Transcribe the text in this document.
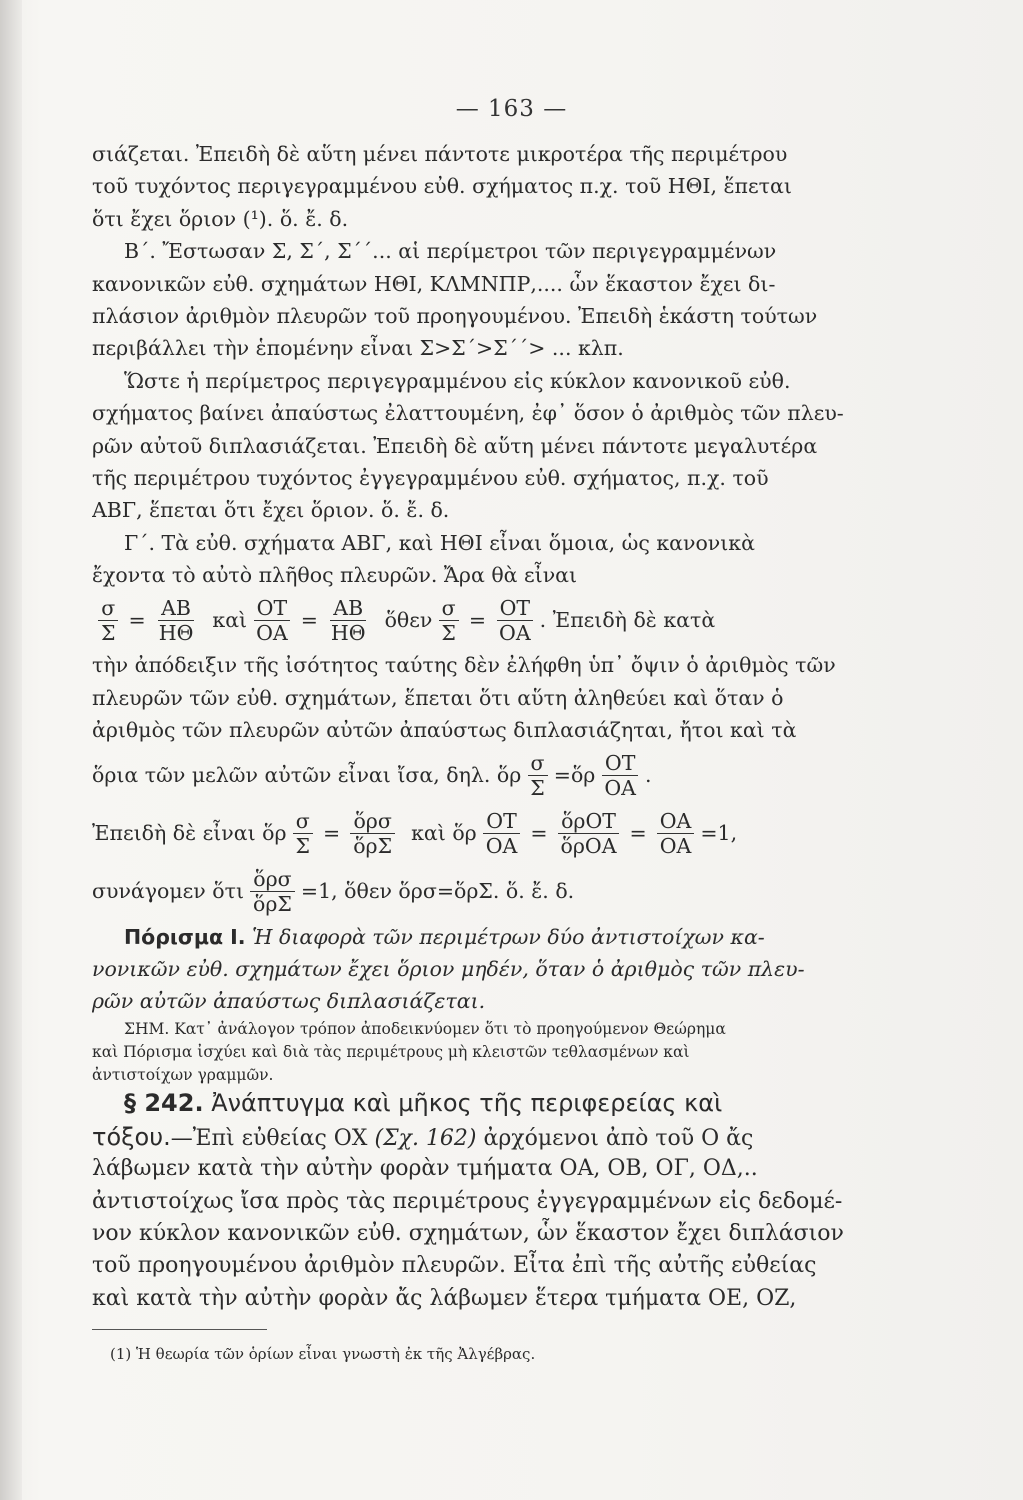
— 163 —
σιάζεται. Ἐπειδὴ δὲ αὕτη μένει πάντοτε μικροτέρα τῆς περιμέτρου
τοῦ τυχόντος περιγεγραμμένου εὐθ. σχήματος π.χ. τοῦ ΗΘΙ, ἕπεται
ὅτι ἔχει ὅριον (¹). ὅ. ἔ. δ.
Β΄. Ἔστωσαν Σ, Σ΄, Σ΄΄... αἱ περίμετροι τῶν περιγεγραμμένων
κανονικῶν εὐθ. σχημάτων ΗΘΙ, ΚΛΜΝΠΡ,.... ὧν ἕκαστον ἔχει δι-
πλάσιον ἀριθμὸν πλευρῶν τοῦ προηγουμένου. Ἐπειδὴ ἑκάστη τούτων
περιβάλλει τὴν ἑπομένην εἶναι Σ>Σ΄>Σ΄΄> ... κλπ.
Ὥστε ἡ περίμετρος περιγεγραμμένου εἰς κύκλον κανονικοῦ εὐθ.
σχήματος βαίνει ἀπαύστως ἐλαττουμένη, ἐφ᾽ ὅσον ὁ ἀριθμὸς τῶν πλευ-
ρῶν αὐτοῦ διπλασιάζεται. Ἐπειδὴ δὲ αὕτη μένει πάντοτε μεγαλυτέρα
τῆς περιμέτρου τυχόντος ἐγγεγραμμένου εὐθ. σχήματος, π.χ. τοῦ
ΑΒΓ, ἕπεται ὅτι ἔχει ὅριον. ὅ. ἔ. δ.
Γ΄. Τὰ εὐθ. σχήματα ΑΒΓ, καὶ ΗΘΙ εἶναι ὅμοια, ὡς κανονικὰ
ἔχοντα τὸ αὐτὸ πλῆθος πλευρῶν. Ἄρα θὰ εἶναι
$\frac{\sigma}{\Sigma} = \frac{AB}{H\Theta}$ καὶ $\frac{OT}{OA} = \frac{AB}{H\Theta}$ ὅθεν $\frac{\sigma}{\Sigma} = \frac{OT}{OA}$ . Ἐπειδὴ δὲ κατὰ
τὴν ἀπόδειξιν τῆς ἰσότητος ταύτης δὲν ἐλήφθη ὑπ᾽ ὄψιν ὁ ἀριθμὸς τῶν
πλευρῶν τῶν εὐθ. σχημάτων, ἕπεται ὅτι αὕτη ἀληθεύει καὶ ὅταν ὁ
ἀριθμὸς τῶν πλευρῶν αὐτῶν ἀπαύστως διπλασιάζηται, ἤτοι καὶ τὰ
ὅρια τῶν μελῶν αὐτῶν εἶναι ἴσα, δηλ. ὅρ $\frac{\sigma}{\Sigma}$ =ὅρ $\frac{OT}{OA}$ .
Ἐπειδὴ δὲ εἶναι ὅρ $\frac{\sigma}{\Sigma} = \frac{\text{ὅρσ}}{\text{ὅρΣ}}$ καὶ ὅρ $\frac{OT}{OA} = \frac{\text{ὅρΟΤ}}{\text{ὅρΟΑ}} = \frac{OA}{OA} =1$,
συνάγομεν ὅτι $\frac{\text{ὅρσ}}{\text{ὅρΣ}} =1$, ὅθεν ὅρσ=ὅρΣ. ὅ. ἔ. δ.
Πόρισμα I. Ἡ διαφορὰ τῶν περιμέτρων δύο ἀντιστοίχων κα-
νονικῶν εὐθ. σχημάτων ἔχει ὅριον μηδέν, ὅταν ὁ ἀριθμὸς τῶν πλευ-
ρῶν αὐτῶν ἀπαύστως διπλασιάζεται.
ΣΗΜ. Κατ᾽ ἀνάλογον τρόπον ἀποδεικνύομεν ὅτι τὸ προηγούμενον Θεώρημα
καὶ Πόρισμα ἰσχύει καὶ διὰ τὰς περιμέτρους μὴ κλειστῶν τεθλασμένων καὶ
ἀντιστοίχων γραμμῶν.
§ 242. Ἀνάπτυγμα καὶ μῆκος τῆς περιφερείας καὶ
τόξου.—Ἐπὶ εὐθείας ΟΧ (Σχ. 162) ἀρχόμενοι ἀπὸ τοῦ Ο ἄς
λάβωμεν κατὰ τὴν αὐτὴν φορὰν τμήματα ΟΑ, ΟΒ, ΟΓ, ΟΔ,..
ἀντιστοίχως ἴσα πρὸς τὰς περιμέτρους ἐγγεγραμμένων εἰς δεδομέ-
νον κύκλον κανονικῶν εὐθ. σχημάτων, ὧν ἕκαστον ἔχει διπλάσιον
τοῦ προηγουμένου ἀριθμὸν πλευρῶν. Εἶτα ἐπὶ τῆς αὐτῆς εὐθείας
καὶ κατὰ τὴν αὐτὴν φορὰν ἄς λάβωμεν ἕτερα τμήματα ΟΕ, ΟΖ,
(1) Ἡ θεωρία τῶν ὁρίων εἶναι γνωστὴ ἐκ τῆς Ἀλγέβρας.
